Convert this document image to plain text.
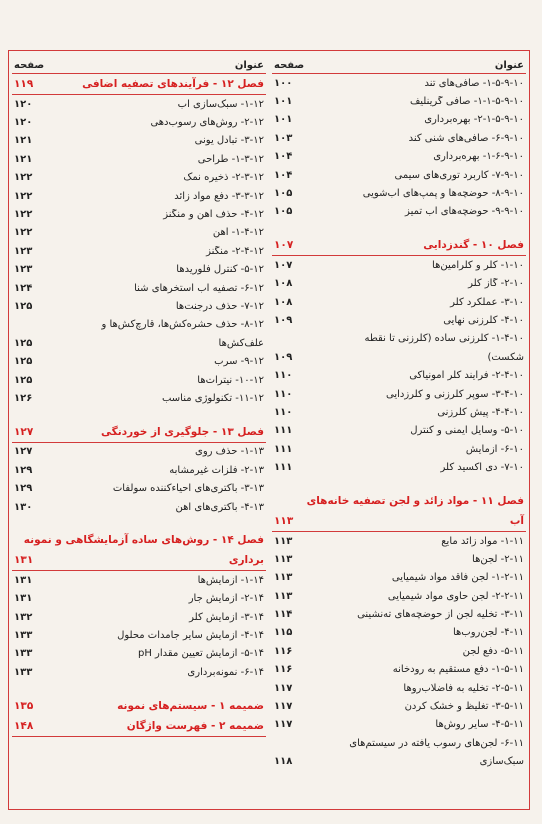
عنوان
صفحه
۱-۵-۹-۱۰- صافی‌های تند
۱۰۰
۱-۱-۵-۹-۱۰- صافی گرینلیف
۱۰۱
۲-۱-۵-۹-۱۰- بهره‌برداری
۱۰۱
۶-۹-۱۰- صافی‌های شنی کند
۱۰۳
۱-۶-۹-۱۰- بهره‌برداری
۱۰۴
۷-۹-۱۰- کاربرد توری‌های سیمی
۱۰۴
۸-۹-۱۰- حوضچه‌ها و پمپ‌های آب‌شویی
۱۰۵
۹-۹-۱۰- حوضچه‌های آب تمیز
۱۰۵
فصل ۱۰ - گندزدایی
۱۰۷
۱-۱۰- کلر و کلرامین‌ها
۱۰۷
۲-۱۰- گاز کلر
۱۰۸
۳-۱۰- عملکرد کلر
۱۰۸
۴-۱۰- کلرزنی نهایی
۱۰۹
۱-۴-۱۰- کلرزنی ساده (کلرزنی تا نقطه
شکست)
۱۰۹
۲-۴-۱۰- فرآیند کلر آمونیاکی
۱۱۰
۳-۴-۱۰- سوپر کلرزنی و کلرزدایی
۱۱۰
۴-۴-۱۰- پیش کلرزنی
۱۱۰
۵-۱۰- وسایل ایمنی و کنترل
۱۱۱
۶-۱۰- آزمایش
۱۱۱
۷-۱۰- دی اکسید کلر
۱۱۱
فصل ۱۱ - مواد زائد و لجن تصفیه خانه‌های
آب
۱۱۳
۱-۱۱- مواد زائد مایع
۱۱۳
۲-۱۱- لجن‌ها
۱۱۳
۱-۲-۱۱- لجن فاقد مواد شیمیایی
۱۱۳
۲-۲-۱۱- لجن حاوی مواد شیمیایی
۱۱۳
۳-۱۱- تخلیه لجن از حوضچه‌های ته‌نشینی
۱۱۴
۴-۱۱- لجن‌روب‌ها
۱۱۵
۵-۱۱- دفع لجن
۱۱۶
۱-۵-۱۱- دفع مستقیم به رودخانه
۱۱۶
۲-۵-۱۱- تخلیه به فاضلاب‌روها
۱۱۷
۳-۵-۱۱- تغلیظ و خشک کردن
۱۱۷
۴-۵-۱۱- سایر روش‌ها
۱۱۷
۶-۱۱- لجن‌های رسوب یافته در سیستم‌های
سبک‌سازی
۱۱۸
عنوان
صفحه
فصل ۱۲ - فرآیندهای تصفیه اضافی
۱۱۹
۱-۱۲- سبک‌سازی آب
۱۲۰
۲-۱۲- روش‌های رسوب‌دهی
۱۲۰
۳-۱۲- تبادل یونی
۱۲۱
۱-۳-۱۲- طراحی
۱۲۱
۲-۳-۱۲- ذخیره نمک
۱۲۲
۳-۳-۱۲- دفع مواد زائد
۱۲۲
۴-۱۲- حذف آهن و منگنز
۱۲۲
۱-۴-۱۲- آهن
۱۲۲
۲-۴-۱۲- منگنز
۱۲۳
۵-۱۲- کنترل فلوریدها
۱۲۳
۶-۱۲- تصفیه آب استخرهای شنا
۱۲۴
۷-۱۲- حذف درجنت‌ها
۱۲۵
۸-۱۲- حذف حشره‌کش‌ها، قارچ‌کش‌ها و
علف‌کش‌ها
۱۲۵
۹-۱۲- سرب
۱۲۵
۱۰-۱۲- نیترات‌ها
۱۲۵
۱۱-۱۲- تکنولوژی مناسب
۱۲۶
فصل ۱۳ - جلوگیری از خوردنگی
۱۲۷
۱-۱۳- حذف روی
۱۲۷
۲-۱۳- فلزات غیرمشابه
۱۲۹
۳-۱۳- باکتری‌های احیاءکننده سولفات
۱۲۹
۴-۱۳- باکتری‌های آهن
۱۳۰
فصل ۱۴ - روش‌های ساده آزمایشگاهی و نمونه
برداری
۱۳۱
۱-۱۴- آزمایش‌ها
۱۳۱
۲-۱۴- آزمایش جار
۱۳۱
۳-۱۴- آزمایش کلر
۱۳۲
۴-۱۴- آزمایش سایر جامدات محلول
۱۳۳
۵-۱۴- آزمایش تعیین مقدار pH
۱۳۳
۶-۱۴- نمونه‌برداری
۱۳۳
ضمیمه ۱ - سیستم‌های نمونه
۱۳۵
ضمیمه ۲ - فهرست واژگان
۱۴۸
